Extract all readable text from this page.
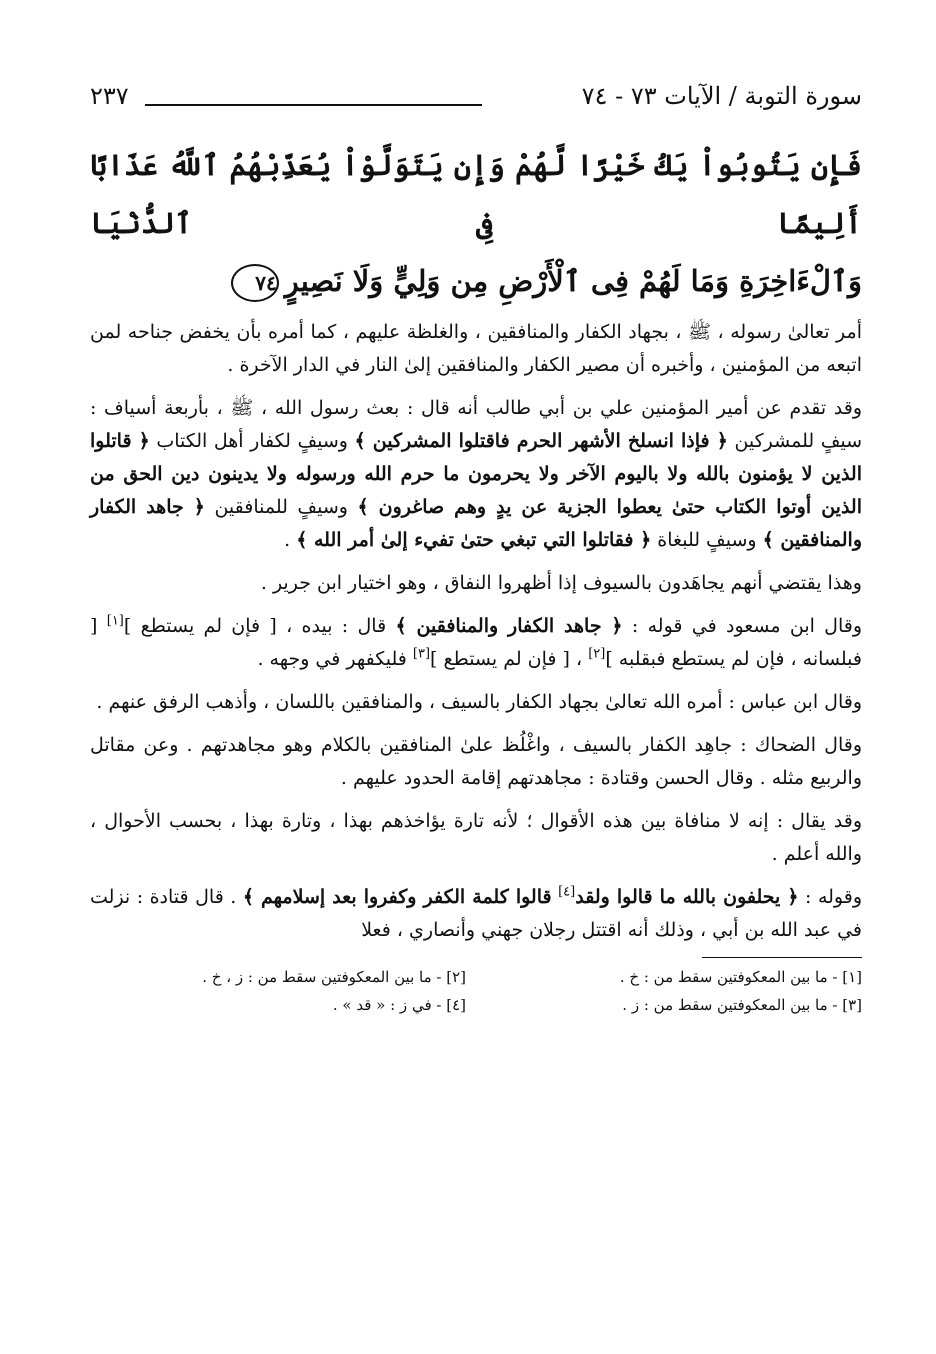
سورة التوبة / الآيات ٧٣ - ٧٤
٢٣٧
فَإِن يَتُوبُواْ يَكُ خَيْرًا لَّهُمْ وَإِن يَتَوَلَّوْاْ يُعَذِّبْهُمُ ٱللَّهُ عَذَابًا أَلِيمًا فِى ٱلدُّنْيَا
وَٱلْءَاخِرَةِ وَمَا لَهُمْ فِى ٱلْأَرْضِ مِن وَلِيٍّ وَلَا نَصِيرٍ٧٤

أمر تعالىٰ رسوله ، ﷺ ، بجهاد الكفار والمنافقين ، والغلظة عليهم ، كما أمره بأن يخفض جناحه لمن اتبعه من المؤمنين ، وأخبره أن مصير الكفار والمنافقين إلىٰ النار في الدار الآخرة .

وقد تقدم عن أمير المؤمنين علي بن أبي طالب أنه قال : بعث رسول الله ، ﷺ ، بأربعة أسياف : سيفٍ للمشركين ﴿ فإذا انسلخ الأشهر الحرم فاقتلوا المشركين ﴾ وسيفٍ لكفار أهل الكتاب ﴿ قاتلوا الذين لا يؤمنون بالله ولا باليوم الآخر ولا يحرمون ما حرم الله ورسوله ولا يدينون دين الحق من الذين أوتوا الكتاب حتىٰ يعطوا الجزية عن يدٍ وهم صاغرون ﴾ وسيفٍ للمنافقين ﴿ جاهد الكفار والمنافقين ﴾ وسيفٍ للبغاة ﴿ فقاتلوا التي تبغي حتىٰ تفيء إلىٰ أمر الله ﴾ .

وهذا يقتضي أنهم يجاهَدون بالسيوف إذا أظهروا النفاق ، وهو اختيار ابن جرير .

وقال ابن مسعود في قوله : ﴿ جاهد الكفار والمنافقين ﴾ قال : بيده ، [ فإن لم يستطع ][١] [ فبلسانه ، فإن لم يستطع فبقلبه ][٢] ، [ فإن لم يستطع ][٣] فليكفهر في وجهه .

وقال ابن عباس : أمره الله تعالىٰ بجهاد الكفار بالسيف ، والمنافقين باللسان ، وأذهب الرفق عنهم .

وقال الضحاك : جاهِد الكفار بالسيف ، واغْلُظ علىٰ المنافقين بالكلام وهو مجاهدتهم . وعن مقاتل والربيع مثله . وقال الحسن وقتادة : مجاهدتهم إقامة الحدود عليهم .

وقد يقال : إنه لا منافاة بين هذه الأقوال ؛ لأنه تارة يؤاخذهم بهذا ، وتارة بهذا ، بحسب الأحوال ، والله أعلم .

وقوله : ﴿ يحلفون بالله ما قالوا ولقد[٤] قالوا كلمة الكفر وكفروا بعد إسلامهم ﴾ . قال قتادة : نزلت في عبد الله بن أبي ، وذلك أنه اقتتل رجلان جهني وأنصاري ، فعلا

[١] - ما بين المعكوفتين سقط من : خ .
[٢] - ما بين المعكوفتين سقط من : ز ، خ .
[٣] - ما بين المعكوفتين سقط من : ز .
[٤] - في ز : « قد » .
